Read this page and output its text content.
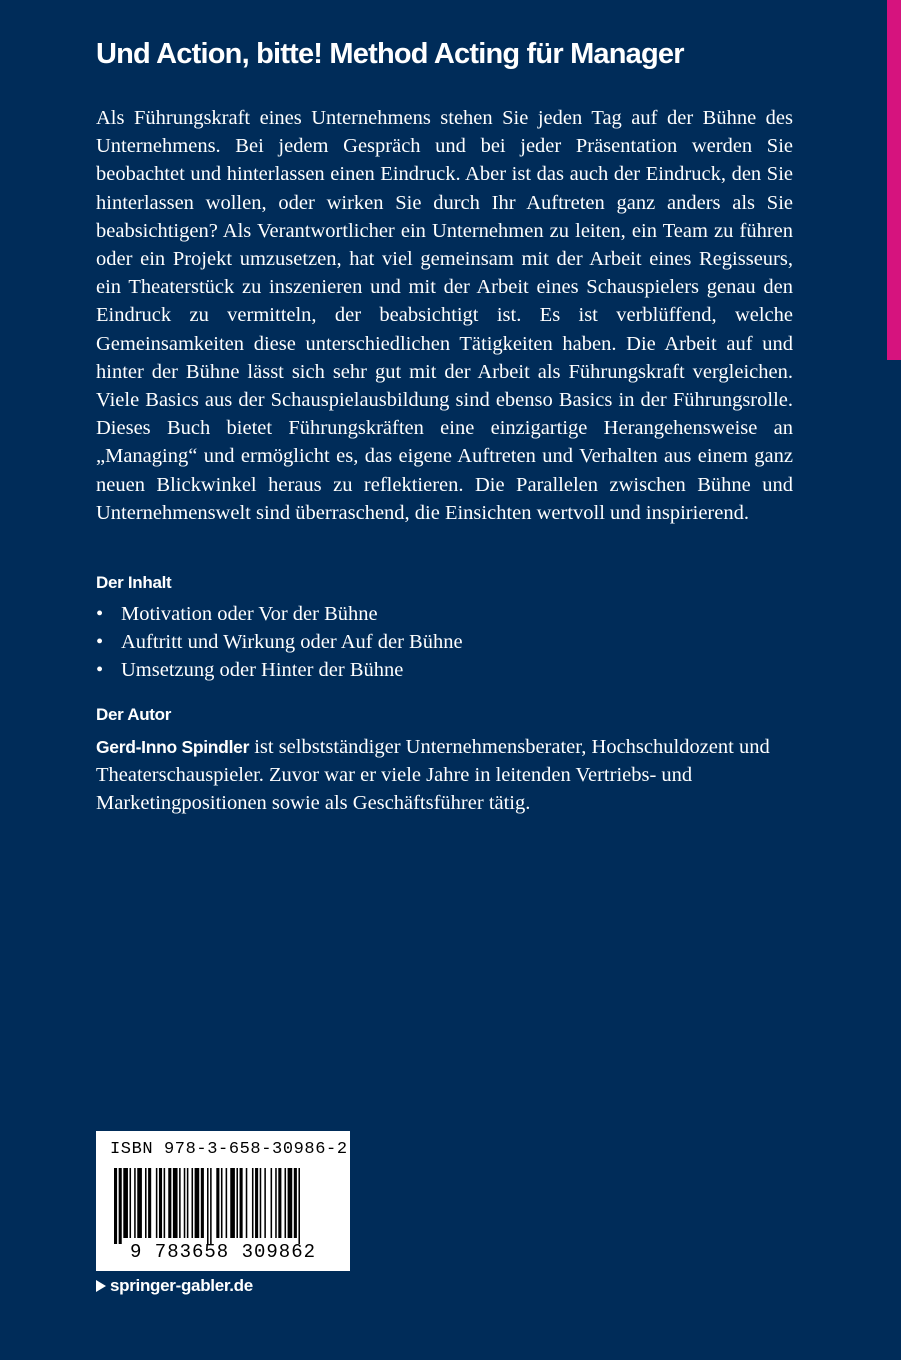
Und Action, bitte! Method Acting für Manager

Als Führungskraft eines Unternehmens stehen Sie jeden Tag auf der Bühne des Unternehmens. Bei jedem Gespräch und bei jeder Präsentation werden Sie beobachtet und hinterlassen einen Eindruck. Aber ist das auch der Eindruck, den Sie hinterlassen wollen, oder wirken Sie durch Ihr Auftreten ganz anders als Sie beabsichtigen? Als Verantwortlicher ein Unternehmen zu leiten, ein Team zu führen oder ein Projekt umzusetzen, hat viel gemeinsam mit der Arbeit eines Regisseurs, ein Theaterstück zu inszenieren und mit der Arbeit eines Schauspielers genau den Eindruck zu vermitteln, der beabsichtigt ist. Es ist verblüffend, welche Gemeinsamkeiten diese unterschiedlichen Tätigkeiten haben. Die Arbeit auf und hinter der Bühne lässt sich sehr gut mit der Arbeit als Führungskraft vergleichen. Viele Basics aus der Schauspielausbildung sind ebenso Basics in der Führungsrolle. Dieses Buch bietet Führungskräften eine einzigartige Herangehensweise an „Managing“ und ermöglicht es, das eigene Auftreten und Verhalten aus einem ganz neuen Blickwinkel heraus zu reflektieren. Die Parallelen zwischen Bühne und Unternehmenswelt sind überraschend, die Einsichten wertvoll und inspirierend.

Der Inhalt
• Motivation oder Vor der Bühne
• Auftritt und Wirkung oder Auf der Bühne
• Umsetzung oder Hinter der Bühne
Der Autor

Gerd-Inno Spindler ist selbstständiger Unternehmensberater, Hochschuldozent und Theaterschauspieler. Zuvor war er viele Jahre in leitenden Vertriebs- und Marketingpositionen sowie als Geschäftsführer tätig.

ISBN 978-3-658-30986-2
9 783658 309862
springer-gabler.de
